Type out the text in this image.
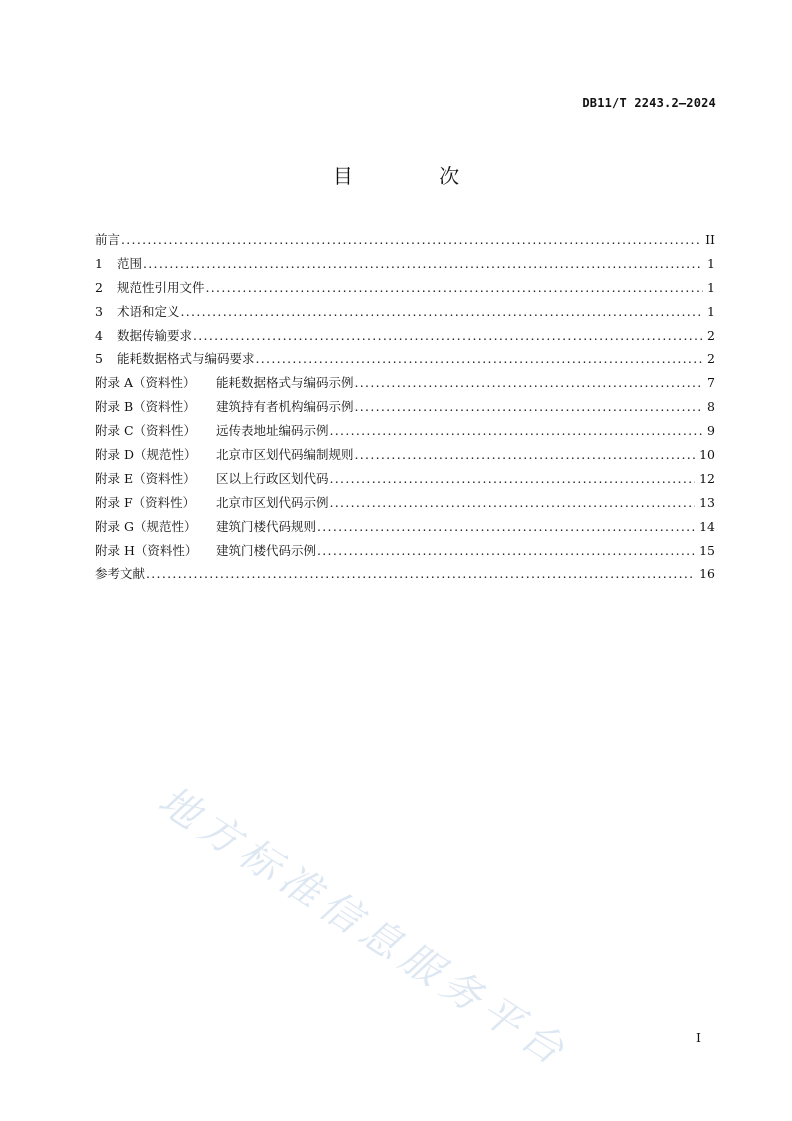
DB11/T 2243.2—2024
目 次
前言 .....	II
1	范围 .....	1
2	规范性引用文件 .....	1
3	术语和定义 .....	1
4	数据传输要求 .....	2
5	能耗数据格式与编码要求 .....	2
附录 A（资料性）	能耗数据格式与编码示例 .....	7
附录 B（资料性）	建筑持有者机构编码示例 .....	8
附录 C（资料性）	远传表地址编码示例 .....	9
附录 D（规范性）	北京市区划代码编制规则 .....	10
附录 E（资料性）	区以上行政区划代码 .....	12
附录 F（资料性）	北京市区划代码示例 .....	13
附录 G（规范性）	建筑门楼代码规则 .....	14
附录 H（资料性）	建筑门楼代码示例 .....	15
参考文献 .....	16
地方标准信息服务平台	I
